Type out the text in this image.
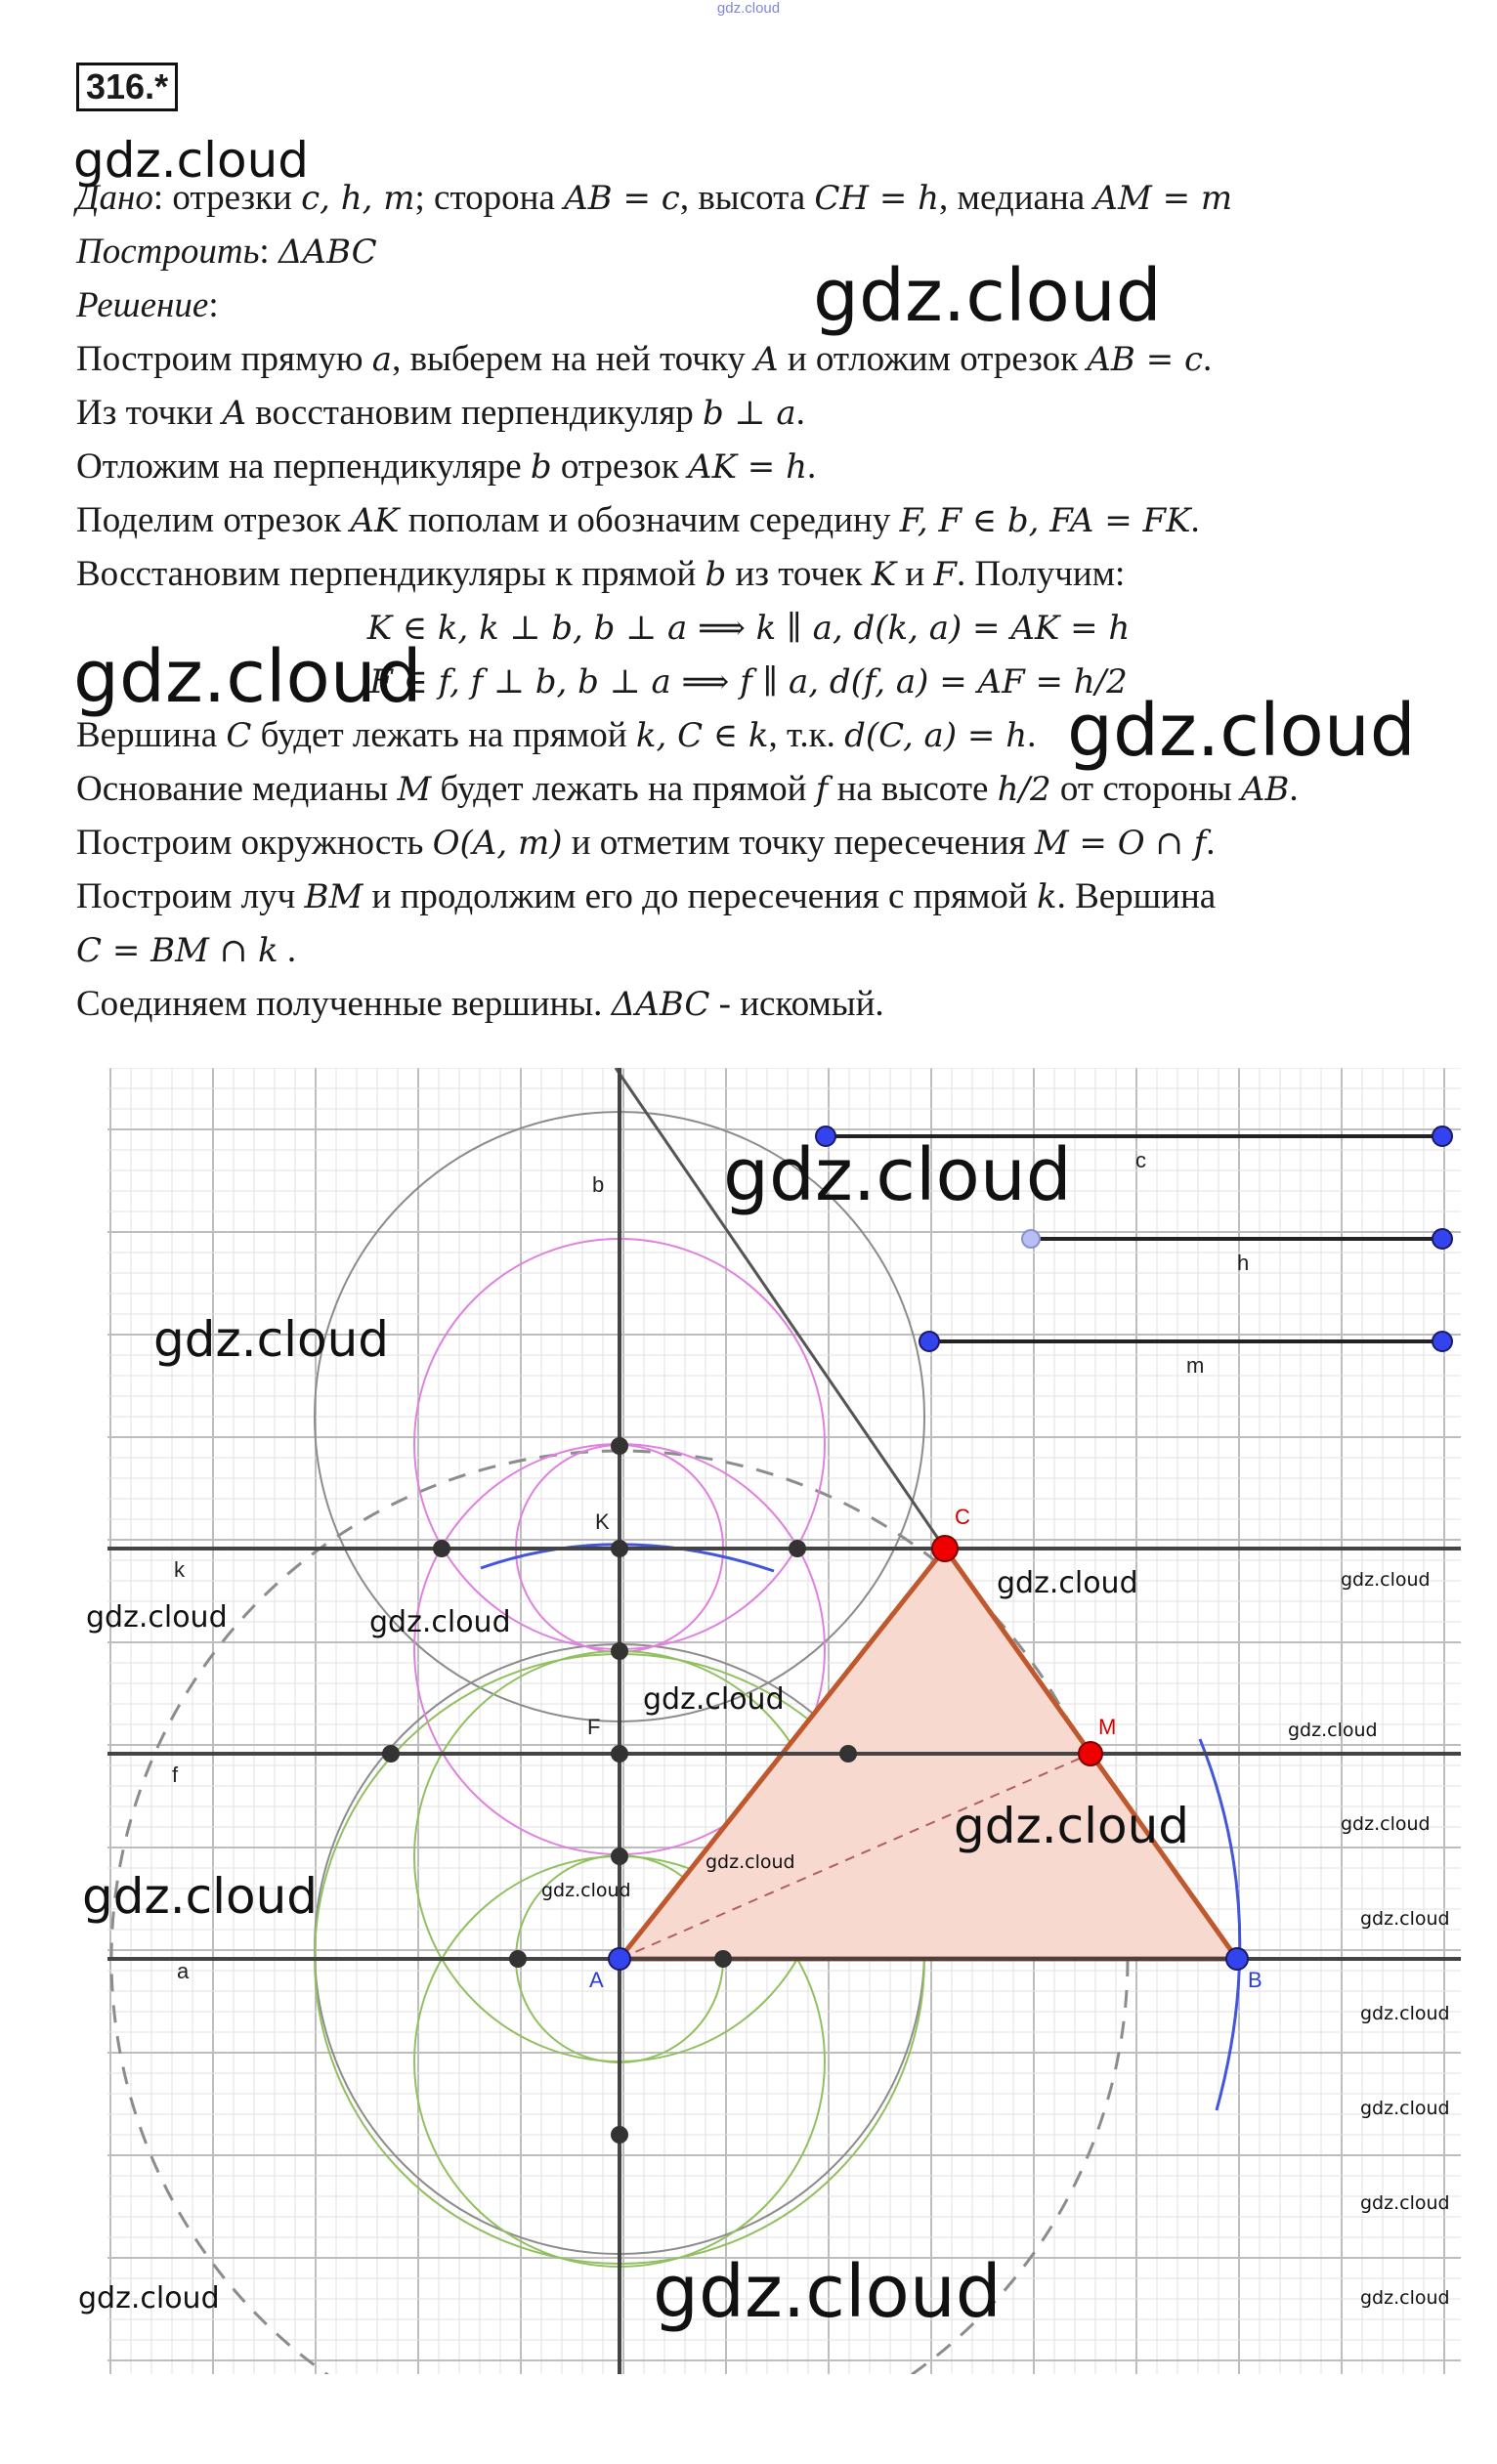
gdz.cloud
316.*
Дано: отрезки c, h, m; сторона AB = c, высота CH = h, медиана AM = m
Построить: ΔABC
Решение:
Построим прямую a, выберем на ней точку A и отложим отрезок AB = c.
Из точки A восстановим перпендикуляр b ⊥ a.
Отложим на перпендикуляре b отрезок AK = h.
Поделим отрезок AK пополам и обозначим середину F, F ∈ b, FA = FK.
Восстановим перпендикуляры к прямой b из точек K и F. Получим:
K ∈ k, k ⊥ b, b ⊥ a ⟹ k ∥ a, d(k, a) = AK = h
F ∈ f, f ⊥ b, b ⊥ a ⟹ f ∥ a, d(f, a) = AF = h/2
Вершина C будет лежать на прямой k, C ∈ k, т.к. d(C, a) = h.
Основание медианы M будет лежать на прямой f на высоте h/2 от стороны AB.
Построим окружность O(A, m) и отметим точку пересечения M = O ∩ f.
Построим луч BM и продолжим его до пересечения с прямой k. Вершина
C = BM ∩ k .
Соединяем полученные вершины. ΔABC - искомый.
b
k
f
a
K
F
A	B
C
M
c
h
m
gdz.cloud
gdz.cloud
gdz.cloud
gdz.cloud
gdz.cloud
gdz.cloud
gdz.cloud	gdz.cloud
gdz.cloud	gdz.cloud
gdz.cloud
gdz.cloud
gdz.cloud	gdz.cloud
gdz.cloud
gdz.cloud
gdz.cloud	gdz.cloud
gdz.cloud
gdz.cloud
gdz.cloud
gdz.cloud
gdz.cloud	gdz.cloud
